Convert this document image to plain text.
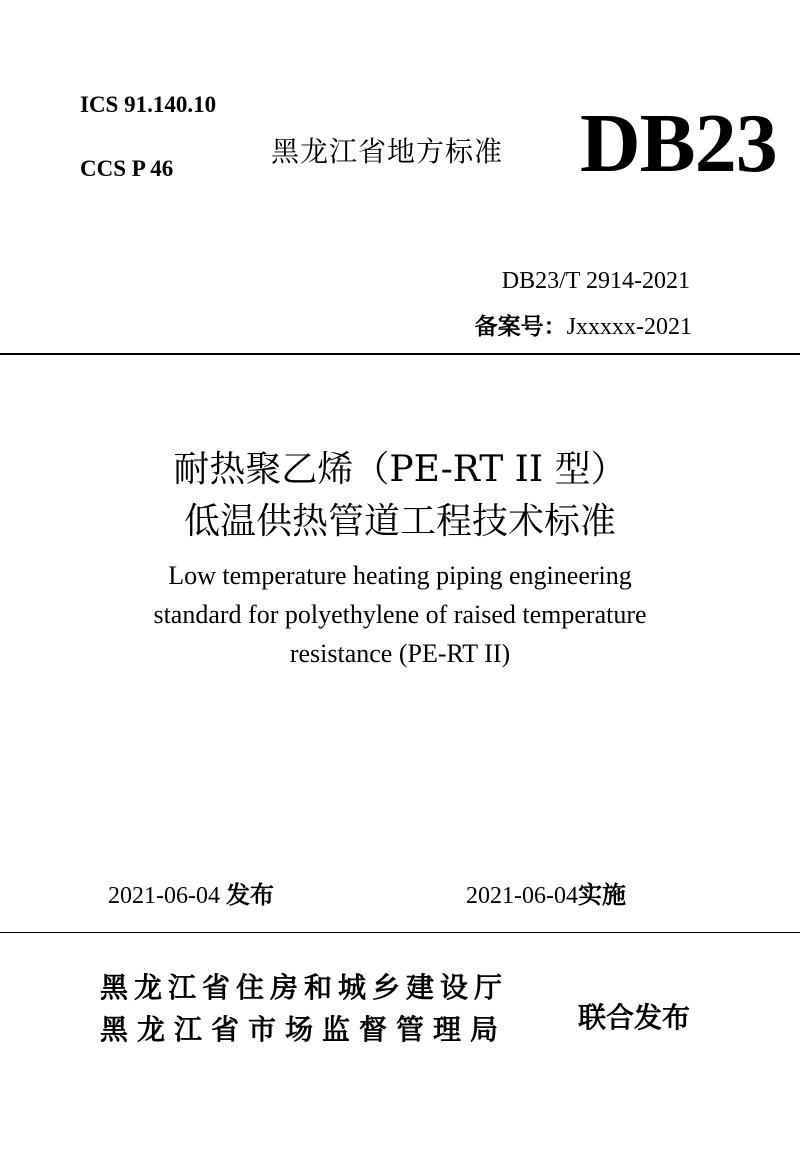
ICS 91.140.10
CCS P 46
黑龙江省地方标准 DB23
DB23/T 2914-2021
备案号：Jxxxxx-2021
耐热聚乙烯（PE-RT II 型）
低温供热管道工程技术标准
Low temperature heating piping engineering
standard for polyethylene of raised temperature
resistance (PE-RT II)
2021-06-04 发布	2021-06-04实施
黑龙江省住房和城乡建设厅
黑龙江省市场监督管理局	联合发布
